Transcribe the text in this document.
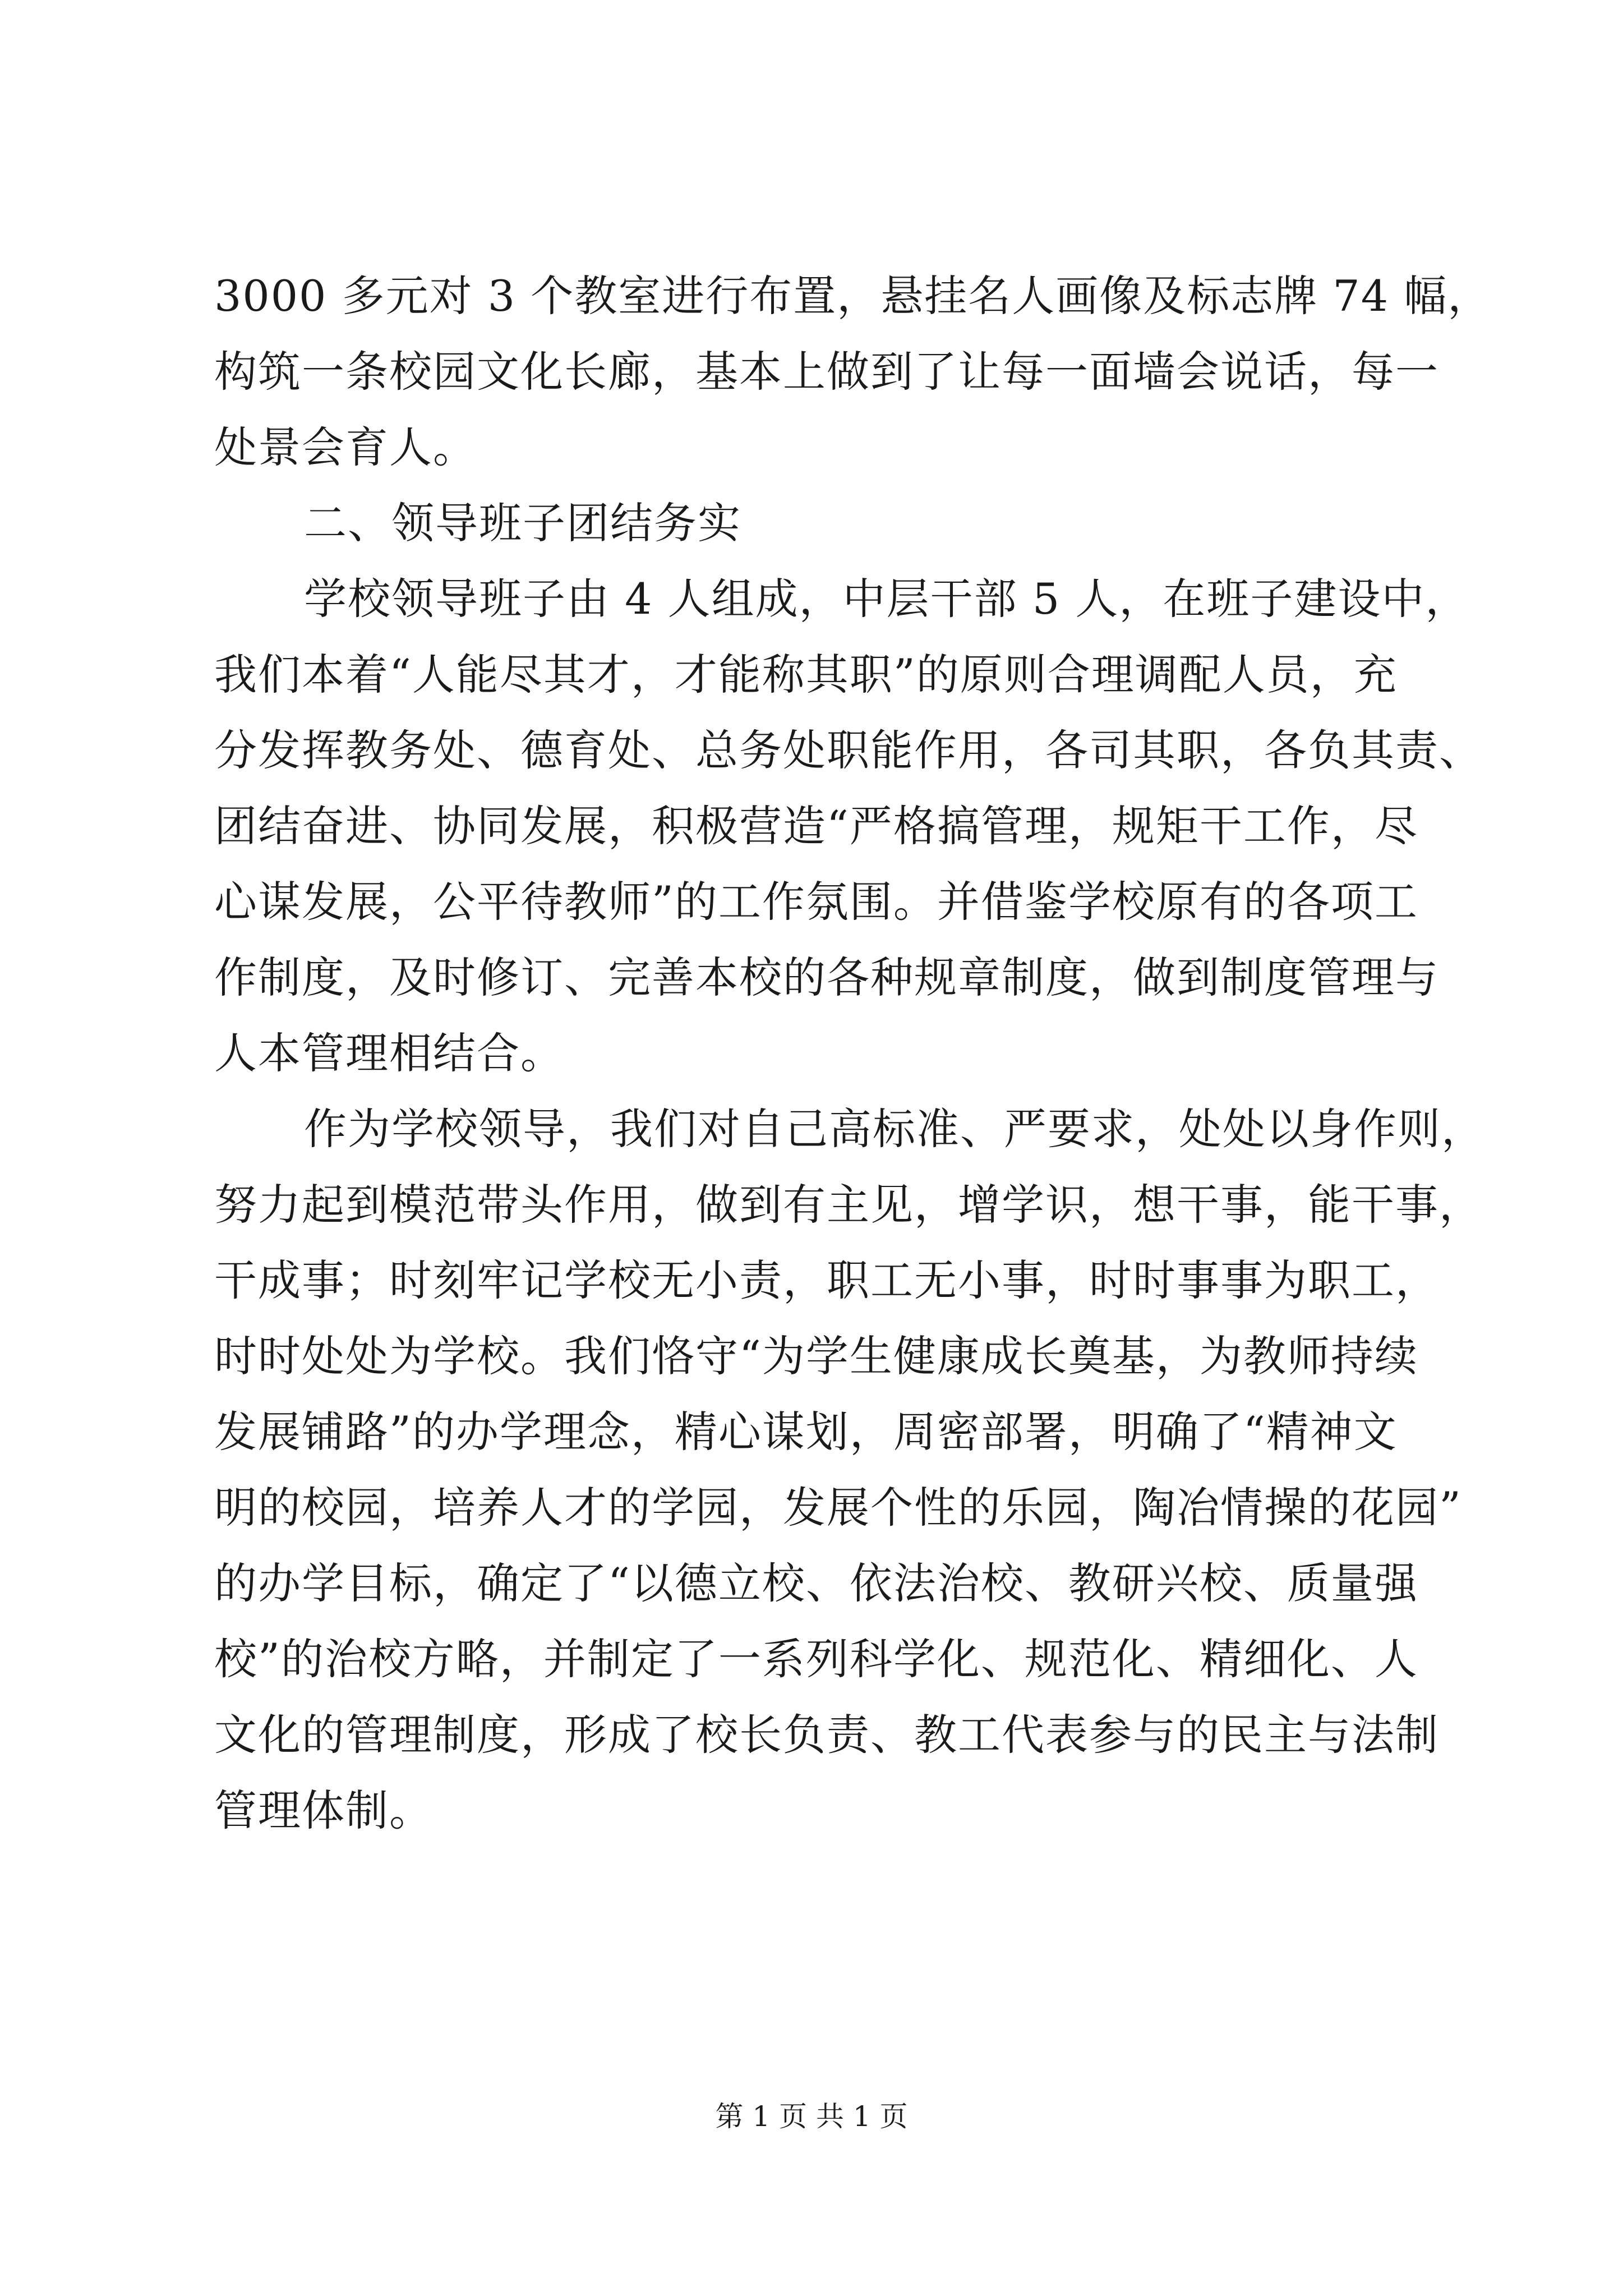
3000 多元对 3 个教室进行布置，悬挂名人画像及标志牌 74 幅，
构筑一条校园文化长廊，基本上做到了让每一面墙会说话，每一
处景会育人。
二、领导班子团结务实
学校领导班子由 4 人组成，中层干部 5 人，在班子建设中，
我们本着“人能尽其才，才能称其职”的原则合理调配人员，充
分发挥教务处、德育处、总务处职能作用，各司其职，各负其责、
团结奋进、协同发展，积极营造“严格搞管理，规矩干工作，尽
心谋发展，公平待教师”的工作氛围。并借鉴学校原有的各项工
作制度，及时修订、完善本校的各种规章制度，做到制度管理与
人本管理相结合。
作为学校领导，我们对自己高标准、严要求，处处以身作则，
努力起到模范带头作用，做到有主见，增学识，想干事，能干事，
干成事；时刻牢记学校无小责，职工无小事，时时事事为职工，
时时处处为学校。我们恪守“为学生健康成长奠基，为教师持续
发展铺路”的办学理念，精心谋划，周密部署，明确了“精神文
明的校园，培养人才的学园，发展个性的乐园，陶冶情操的花园”
的办学目标，确定了“以德立校、依法治校、教研兴校、质量强
校”的治校方略，并制定了一系列科学化、规范化、精细化、人
文化的管理制度，形成了校长负责、教工代表参与的民主与法制
管理体制。
第 1 页 共 1 页
